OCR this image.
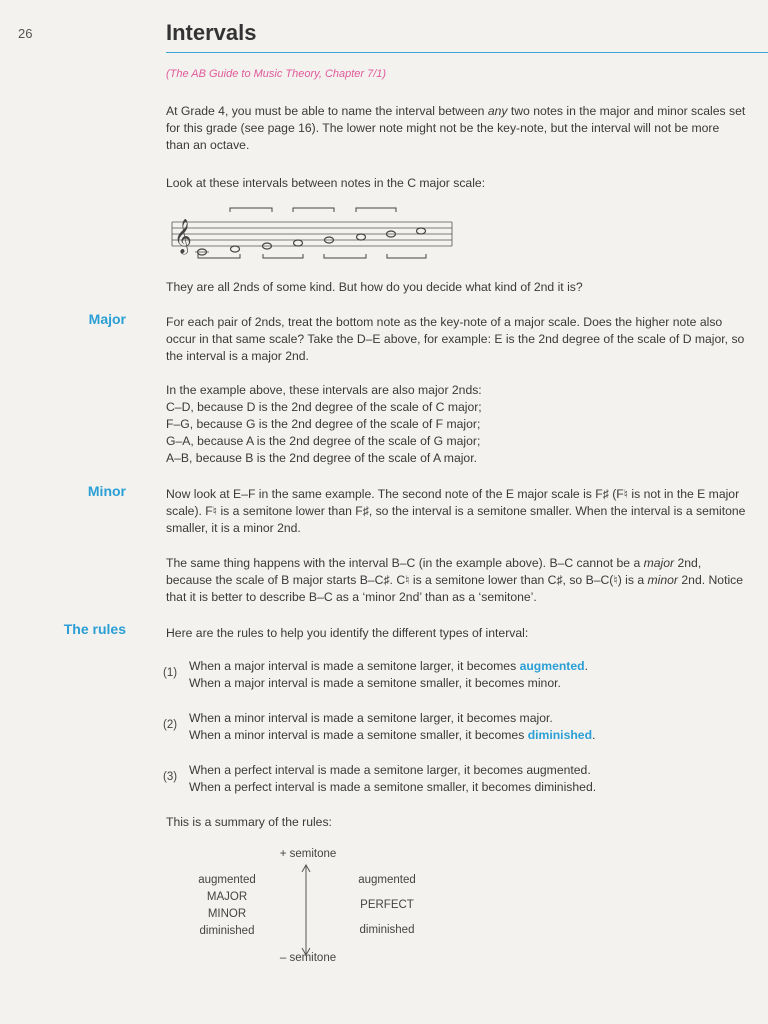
26	Intervals
(The AB Guide to Music Theory, Chapter 7/1)

At Grade 4, you must be able to name the interval between any two notes in the major and minor scales set for this grade (see page 16). The lower note might not be the key-note, but the interval will not be more than an octave.

Look at these intervals between notes in the C major scale:
𝄞
They are all 2nds of some kind. But how do you decide what kind of 2nd it is?
Major	For each pair of 2nds, treat the bottom note as the key-note of a major scale. Does the higher note also occur in that same scale? Take the D–E above, for example: E is the 2nd degree of the scale of D major, so the interval is a major 2nd.

In the example above, these intervals are also major 2nds:

C–D, because D is the 2nd degree of the scale of C major;

F–G, because G is the 2nd degree of the scale of F major;

G–A, because A is the 2nd degree of the scale of G major;

A–B, because B is the 2nd degree of the scale of A major.

Minor	Now look at E–F in the same example. The second note of the E major scale is F♯ (F♮ is not in the E major scale). F♮ is a semitone lower than F♯, so the interval is a semitone smaller. When the interval is a semitone smaller, it is a minor 2nd.

The same thing happens with the interval B–C (in the example above). B–C cannot be a major 2nd, because the scale of B major starts B–C♯. C♮ is a semitone lower than C♯, so B–C(♮) is a minor 2nd. Notice that it is better to describe B–C as a ‘minor 2nd’ than as a ‘semitone’.

The rules	Here are the rules to help you identify the different types of interval:
(1) When a major interval is made a semitone larger, it becomes augmented.
When a major interval is made a semitone smaller, it becomes minor.
(2) When a minor interval is made a semitone larger, it becomes major.
When a minor interval is made a semitone smaller, it becomes diminished.
(3) When a perfect interval is made a semitone larger, it becomes augmented.
When a perfect interval is made a semitone smaller, it becomes diminished.
This is a summary of the rules:
+ semitone
augmented
MAJOR
MINOR
diminished
augmented
PERFECT
diminished
– semitone
